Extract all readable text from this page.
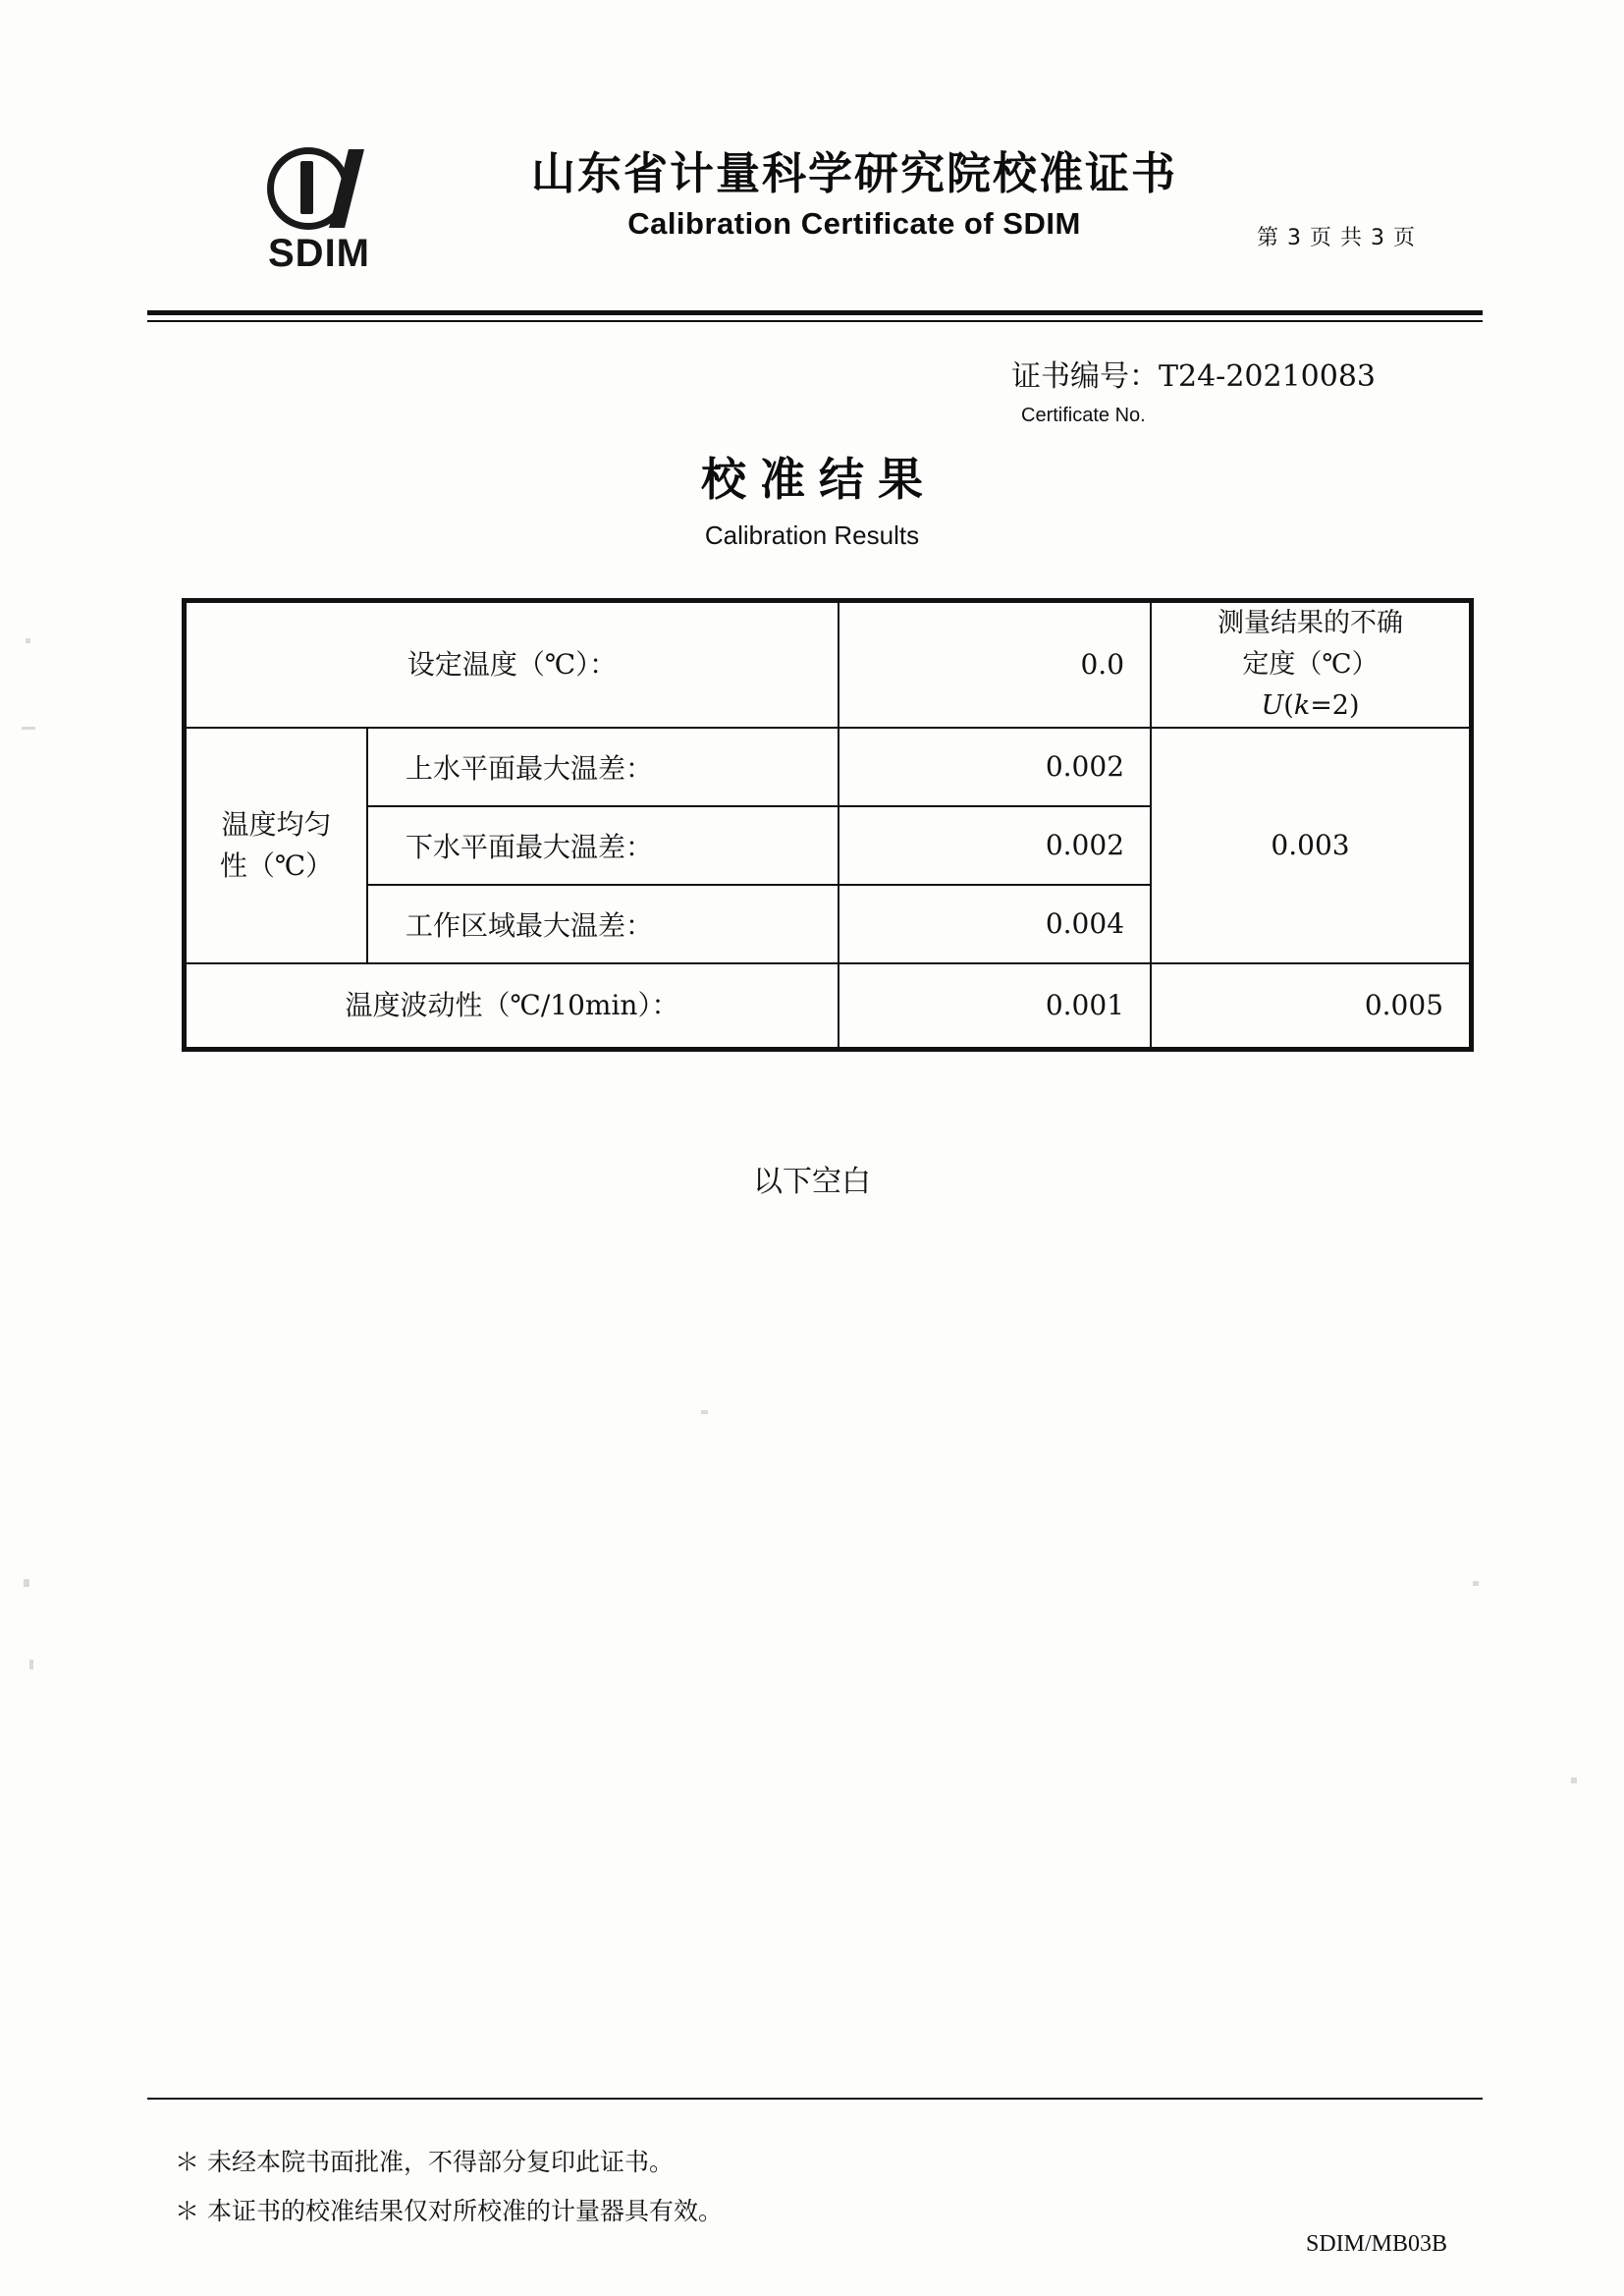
SDIM
山东省计量科学研究院校准证书
Calibration Certificate of SDIM	第 3 页 共 3 页
证书编号：T24-20210083
Certificate No.
校准结果
Calibration Results
设定温度（℃）：		0.0	测量结果的不确
定度（℃）
U(k=2)

温度均匀
性（℃）	上水平面最大温差：	0.002	0.003
	下水平面最大温差：	0.002	
	工作区域最大温差：	0.004	
温度波动性（℃/10min）：		0.001	0.005
以下空白
＊ 未经本院书面批准，不得部分复印此证书。
＊ 本证书的校准结果仅对所校准的计量器具有效。
SDIM/MB03B
